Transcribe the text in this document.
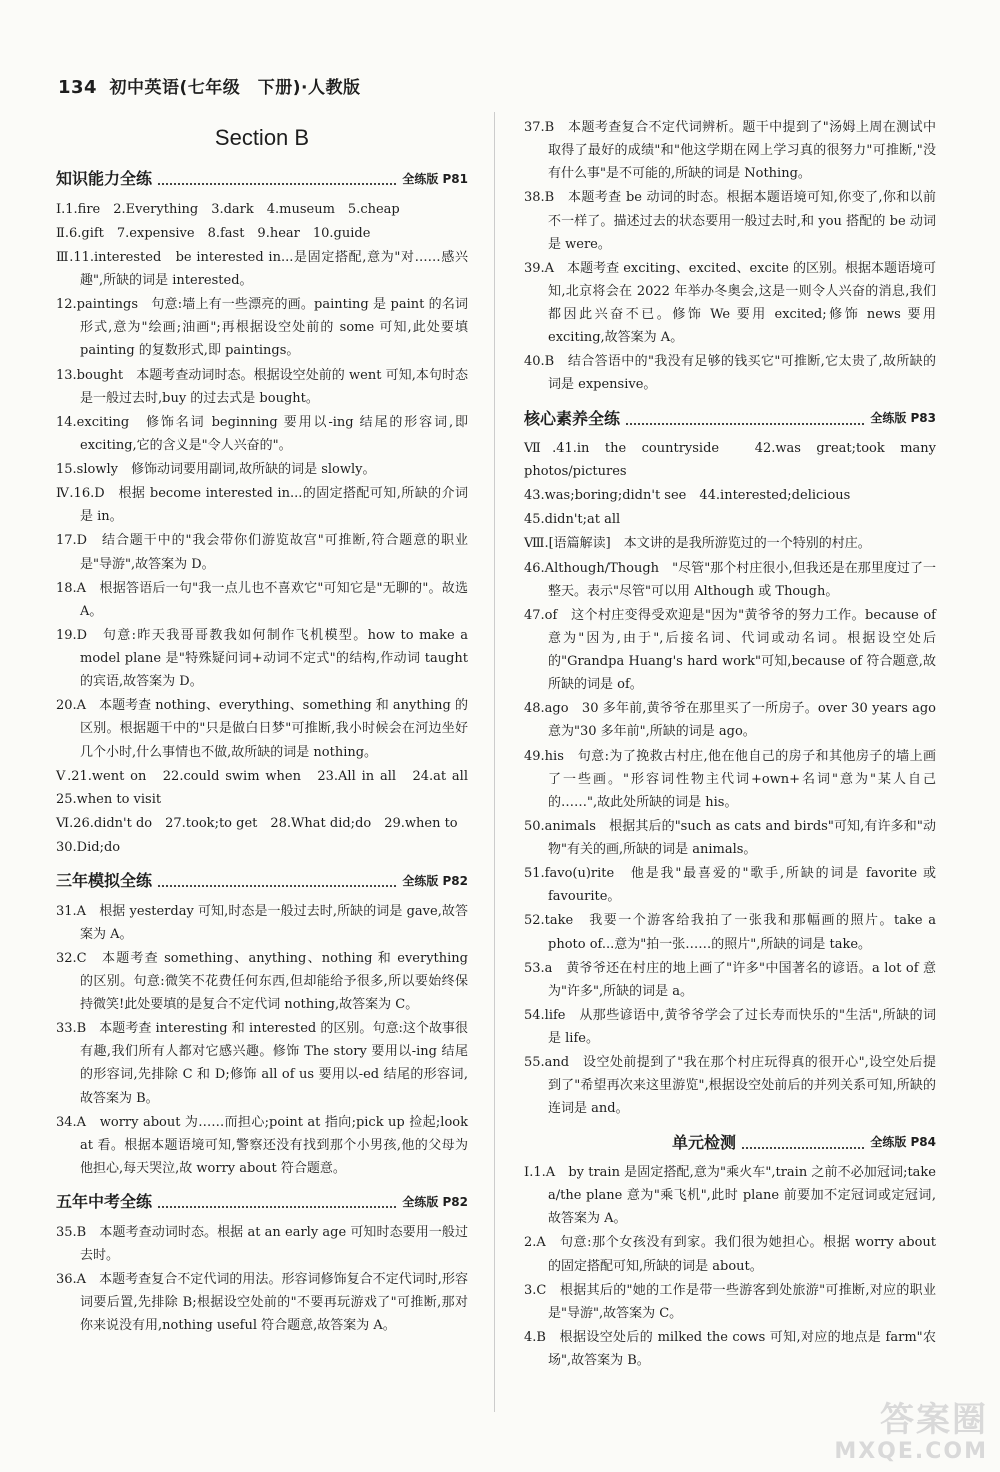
134 初中英语(七年级　下册)·人教版
Section B
知识能力全练	全练版 P81
Ⅰ.1.fire　2.Everything　3.dark　4.museum　5.cheap
Ⅱ.6.gift　7.expensive　8.fast　9.hear　10.guide
Ⅲ.11.interested　be interested in...是固定搭配,意为"对……感兴趣",所缺的词是 interested。
12.paintings　句意:墙上有一些漂亮的画。painting 是 paint 的名词形式,意为"绘画;油画";再根据设空处前的 some 可知,此处要填 painting 的复数形式,即 paintings。
13.bought　本题考查动词时态。根据设空处前的 went 可知,本句时态是一般过去时,buy 的过去式是 bought。
14.exciting　修饰名词 beginning 要用以-ing 结尾的形容词,即 exciting,它的含义是"令人兴奋的"。
15.slowly　修饰动词要用副词,故所缺的词是 slowly。
Ⅳ.16.D　根据 become interested in...的固定搭配可知,所缺的介词是 in。
17.D　结合题干中的"我会带你们游览故宫"可推断,符合题意的职业是"导游",故答案为 D。
18.A　根据答语后一句"我一点儿也不喜欢它"可知它是"无聊的"。故选 A。
19.D　句意:昨天我哥哥教我如何制作飞机模型。how to make a model plane 是"特殊疑问词+动词不定式"的结构,作动词 taught 的宾语,故答案为 D。
20.A　本题考查 nothing、everything、something 和 anything 的区别。根据题干中的"只是做白日梦"可推断,我小时候会在河边坐好几个小时,什么事情也不做,故所缺的词是 nothing。
Ⅴ.21.went on　22.could swim when　23.All in all　24.at all　25.when to visit
Ⅵ.26.didn't do　27.took;to get　28.What did;do　29.when to
30.Did;do
三年模拟全练	全练版 P82
31.A　根据 yesterday 可知,时态是一般过去时,所缺的词是 gave,故答案为 A。
32.C　本题考查 something、anything、nothing 和 everything 的区别。句意:微笑不花费任何东西,但却能给予很多,所以要始终保持微笑!此处要填的是复合不定代词 nothing,故答案为 C。
33.B　本题考查 interesting 和 interested 的区别。句意:这个故事很有趣,我们所有人都对它感兴趣。修饰 The story 要用以-ing 结尾的形容词,先排除 C 和 D;修饰 all of us 要用以-ed 结尾的形容词,故答案为 B。
34.A　worry about 为……而担心;point at 指向;pick up 捡起;look at 看。根据本题语境可知,警察还没有找到那个小男孩,他的父母为他担心,每天哭泣,故 worry about 符合题意。
五年中考全练	全练版 P82
35.B　本题考查动词时态。根据 at an early age 可知时态要用一般过去时。
36.A　本题考查复合不定代词的用法。形容词修饰复合不定代词时,形容词要后置,先排除 B;根据设空处前的"不要再玩游戏了"可推断,那对你来说没有用,nothing useful 符合题意,故答案为 A。
37.B　本题考查复合不定代词辨析。题干中提到了"汤姆上周在测试中取得了最好的成绩"和"他这学期在网上学习真的很努力"可推断,"没有什么事"是不可能的,所缺的词是 Nothing。
38.B　本题考查 be 动词的时态。根据本题语境可知,你变了,你和以前不一样了。描述过去的状态要用一般过去时,和 you 搭配的 be 动词是 were。
39.A　本题考查 exciting、excited、excite 的区别。根据本题语境可知,北京将会在 2022 年举办冬奥会,这是一则令人兴奋的消息,我们都因此兴奋不已。修饰 We 要用 excited;修饰 news 要用 exciting,故答案为 A。
40.B　结合答语中的"我没有足够的钱买它"可推断,它太贵了,故所缺的词是 expensive。
核心素养全练	全练版 P83
Ⅶ.41.in the countryside　42.was great;took many photos/pictures
43.was;boring;didn't see　44.interested;delicious
45.didn't;at all
Ⅷ.[语篇解读]　本文讲的是我所游览过的一个特别的村庄。
46.Although/Though　"尽管"那个村庄很小,但我还是在那里度过了一整天。表示"尽管"可以用 Although 或 Though。
47.of　这个村庄变得受欢迎是"因为"黄爷爷的努力工作。because of 意为"因为,由于",后接名词、代词或动名词。根据设空处后的"Grandpa Huang's hard work"可知,because of 符合题意,故所缺的词是 of。
48.ago　30 多年前,黄爷爷在那里买了一所房子。over 30 years ago 意为"30 多年前",所缺的词是 ago。
49.his　句意:为了挽救古村庄,他在他自己的房子和其他房子的墙上画了一些画。"形容词性物主代词+own+名词"意为"某人自己的……",故此处所缺的词是 his。
50.animals　根据其后的"such as cats and birds"可知,有许多和"动物"有关的画,所缺的词是 animals。
51.favo(u)rite　他是我"最喜爱的"歌手,所缺的词是 favorite 或 favourite。
52.take　我要一个游客给我拍了一张我和那幅画的照片。take a photo of...意为"拍一张……的照片",所缺的词是 take。
53.a　黄爷爷还在村庄的地上画了"许多"中国著名的谚语。a lot of 意为"许多",所缺的词是 a。
54.life　从那些谚语中,黄爷爷学会了过长寿而快乐的"生活",所缺的词是 life。
55.and　设空处前提到了"我在那个村庄玩得真的很开心",设空处后提到了"希望再次来这里游览",根据设空处前后的并列关系可知,所缺的连词是 and。
单元检测	全练版 P84
Ⅰ.1.A　by train 是固定搭配,意为"乘火车",train 之前不必加冠词;take a/the plane 意为"乘飞机",此时 plane 前要加不定冠词或定冠词,故答案为 A。
2.A　句意:那个女孩没有到家。我们很为她担心。根据 worry about 的固定搭配可知,所缺的词是 about。
3.C　根据其后的"她的工作是带一些游客到处旅游"可推断,对应的职业是"导游",故答案为 C。
4.B　根据设空处后的 milked the cows 可知,对应的地点是 farm"农场",故答案为 B。
答案圈
MXQE.COM
